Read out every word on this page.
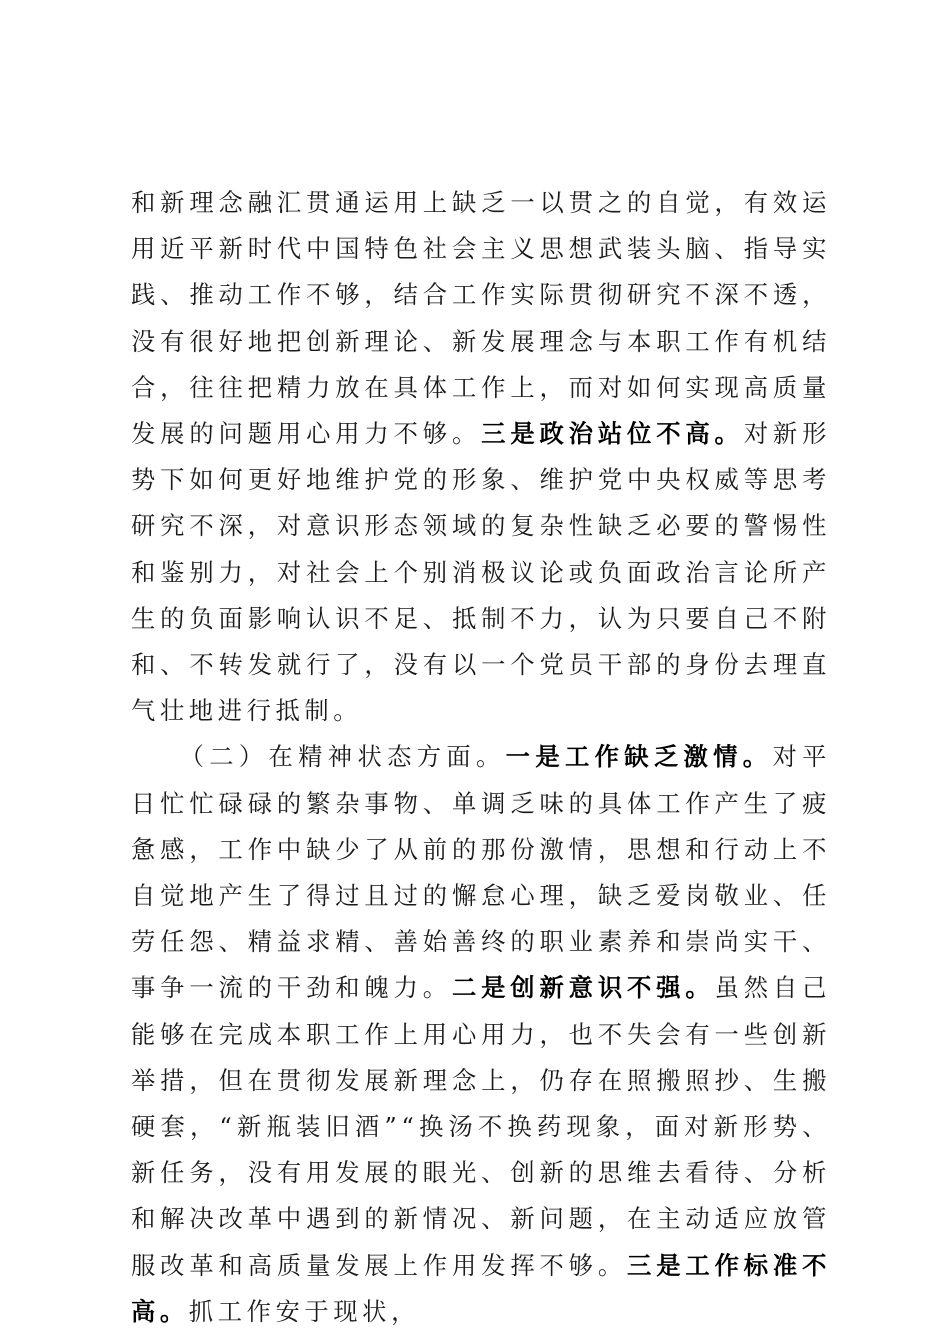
和新理念融汇贯通运用上缺乏一以贯之的自觉，有效运用近平新时代中国特色社会主义思想武装头脑、指导实践、推动工作不够，结合工作实际贯彻研究不深不透，没有很好地把创新理论、新发展理念与本职工作有机结合，往往把精力放在具体工作上，而对如何实现高质量发展的问题用心用力不够。三是政治站位不高。对新形势下如何更好地维护党的形象、维护党中央权威等思考研究不深，对意识形态领域的复杂性缺乏必要的警惕性和鉴别力，对社会上个别消极议论或负面政治言论所产生的负面影响认识不足、抵制不力，认为只要自己不附和、不转发就行了，没有以一个党员干部的身份去理直气壮地进行抵制。

（二）在精神状态方面。一是工作缺乏激情。对平日忙忙碌碌的繁杂事物、单调乏味的具体工作产生了疲惫感，工作中缺少了从前的那份激情，思想和行动上不自觉地产生了得过且过的懈怠心理，缺乏爱岗敬业、任劳任怨、精益求精、善始善终的职业素养和崇尚实干、事争一流的干劲和魄力。二是创新意识不强。虽然自己能够在完成本职工作上用心用力，也不失会有一些创新举措，但在贯彻发展新理念上，仍存在照搬照抄、生搬硬套，“新瓶装旧酒”“换汤不换药现象，面对新形势、新任务，没有用发展的眼光、创新的思维去看待、分析和解决改革中遇到的新情况、新问题，在主动适应放管服改革和高质量发展上作用发挥不够。三是工作标准不高。抓工作安于现状，
